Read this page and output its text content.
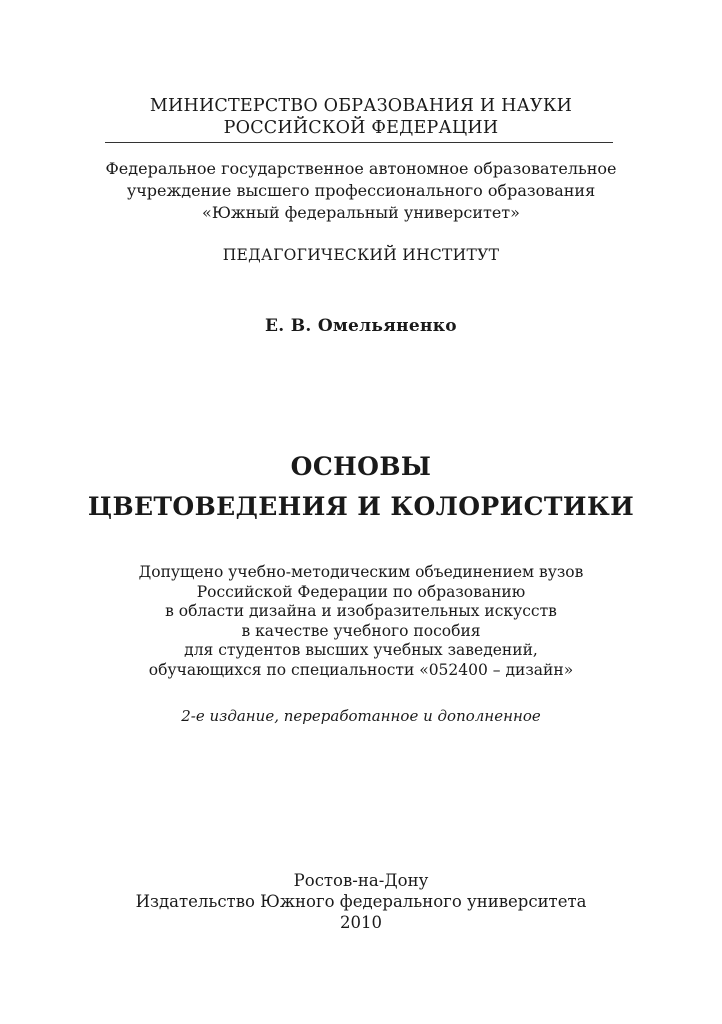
МИНИСТЕРСТВО ОБРАЗОВАНИЯ И НАУКИ
РОССИЙСКОЙ ФЕДЕРАЦИИ
Федеральное государственное автономное образовательное
учреждение высшего профессионального образования
«Южный федеральный университет»
ПЕДАГОГИЧЕСКИЙ ИНСТИТУТ
Е. В. Омельяненко
ОСНОВЫ
ЦВЕТОВЕДЕНИЯ И КОЛОРИСТИКИ
Допущено учебно-методическим объединением вузов
Российской Федерации по образованию
в области дизайна и изобразительных искусств
в качестве учебного пособия
для студентов высших учебных заведений,
обучающихся по специальности «052400 – дизайн»
2-е издание, переработанное и дополненное
Ростов-на-Дону
Издательство Южного федерального университета
2010
